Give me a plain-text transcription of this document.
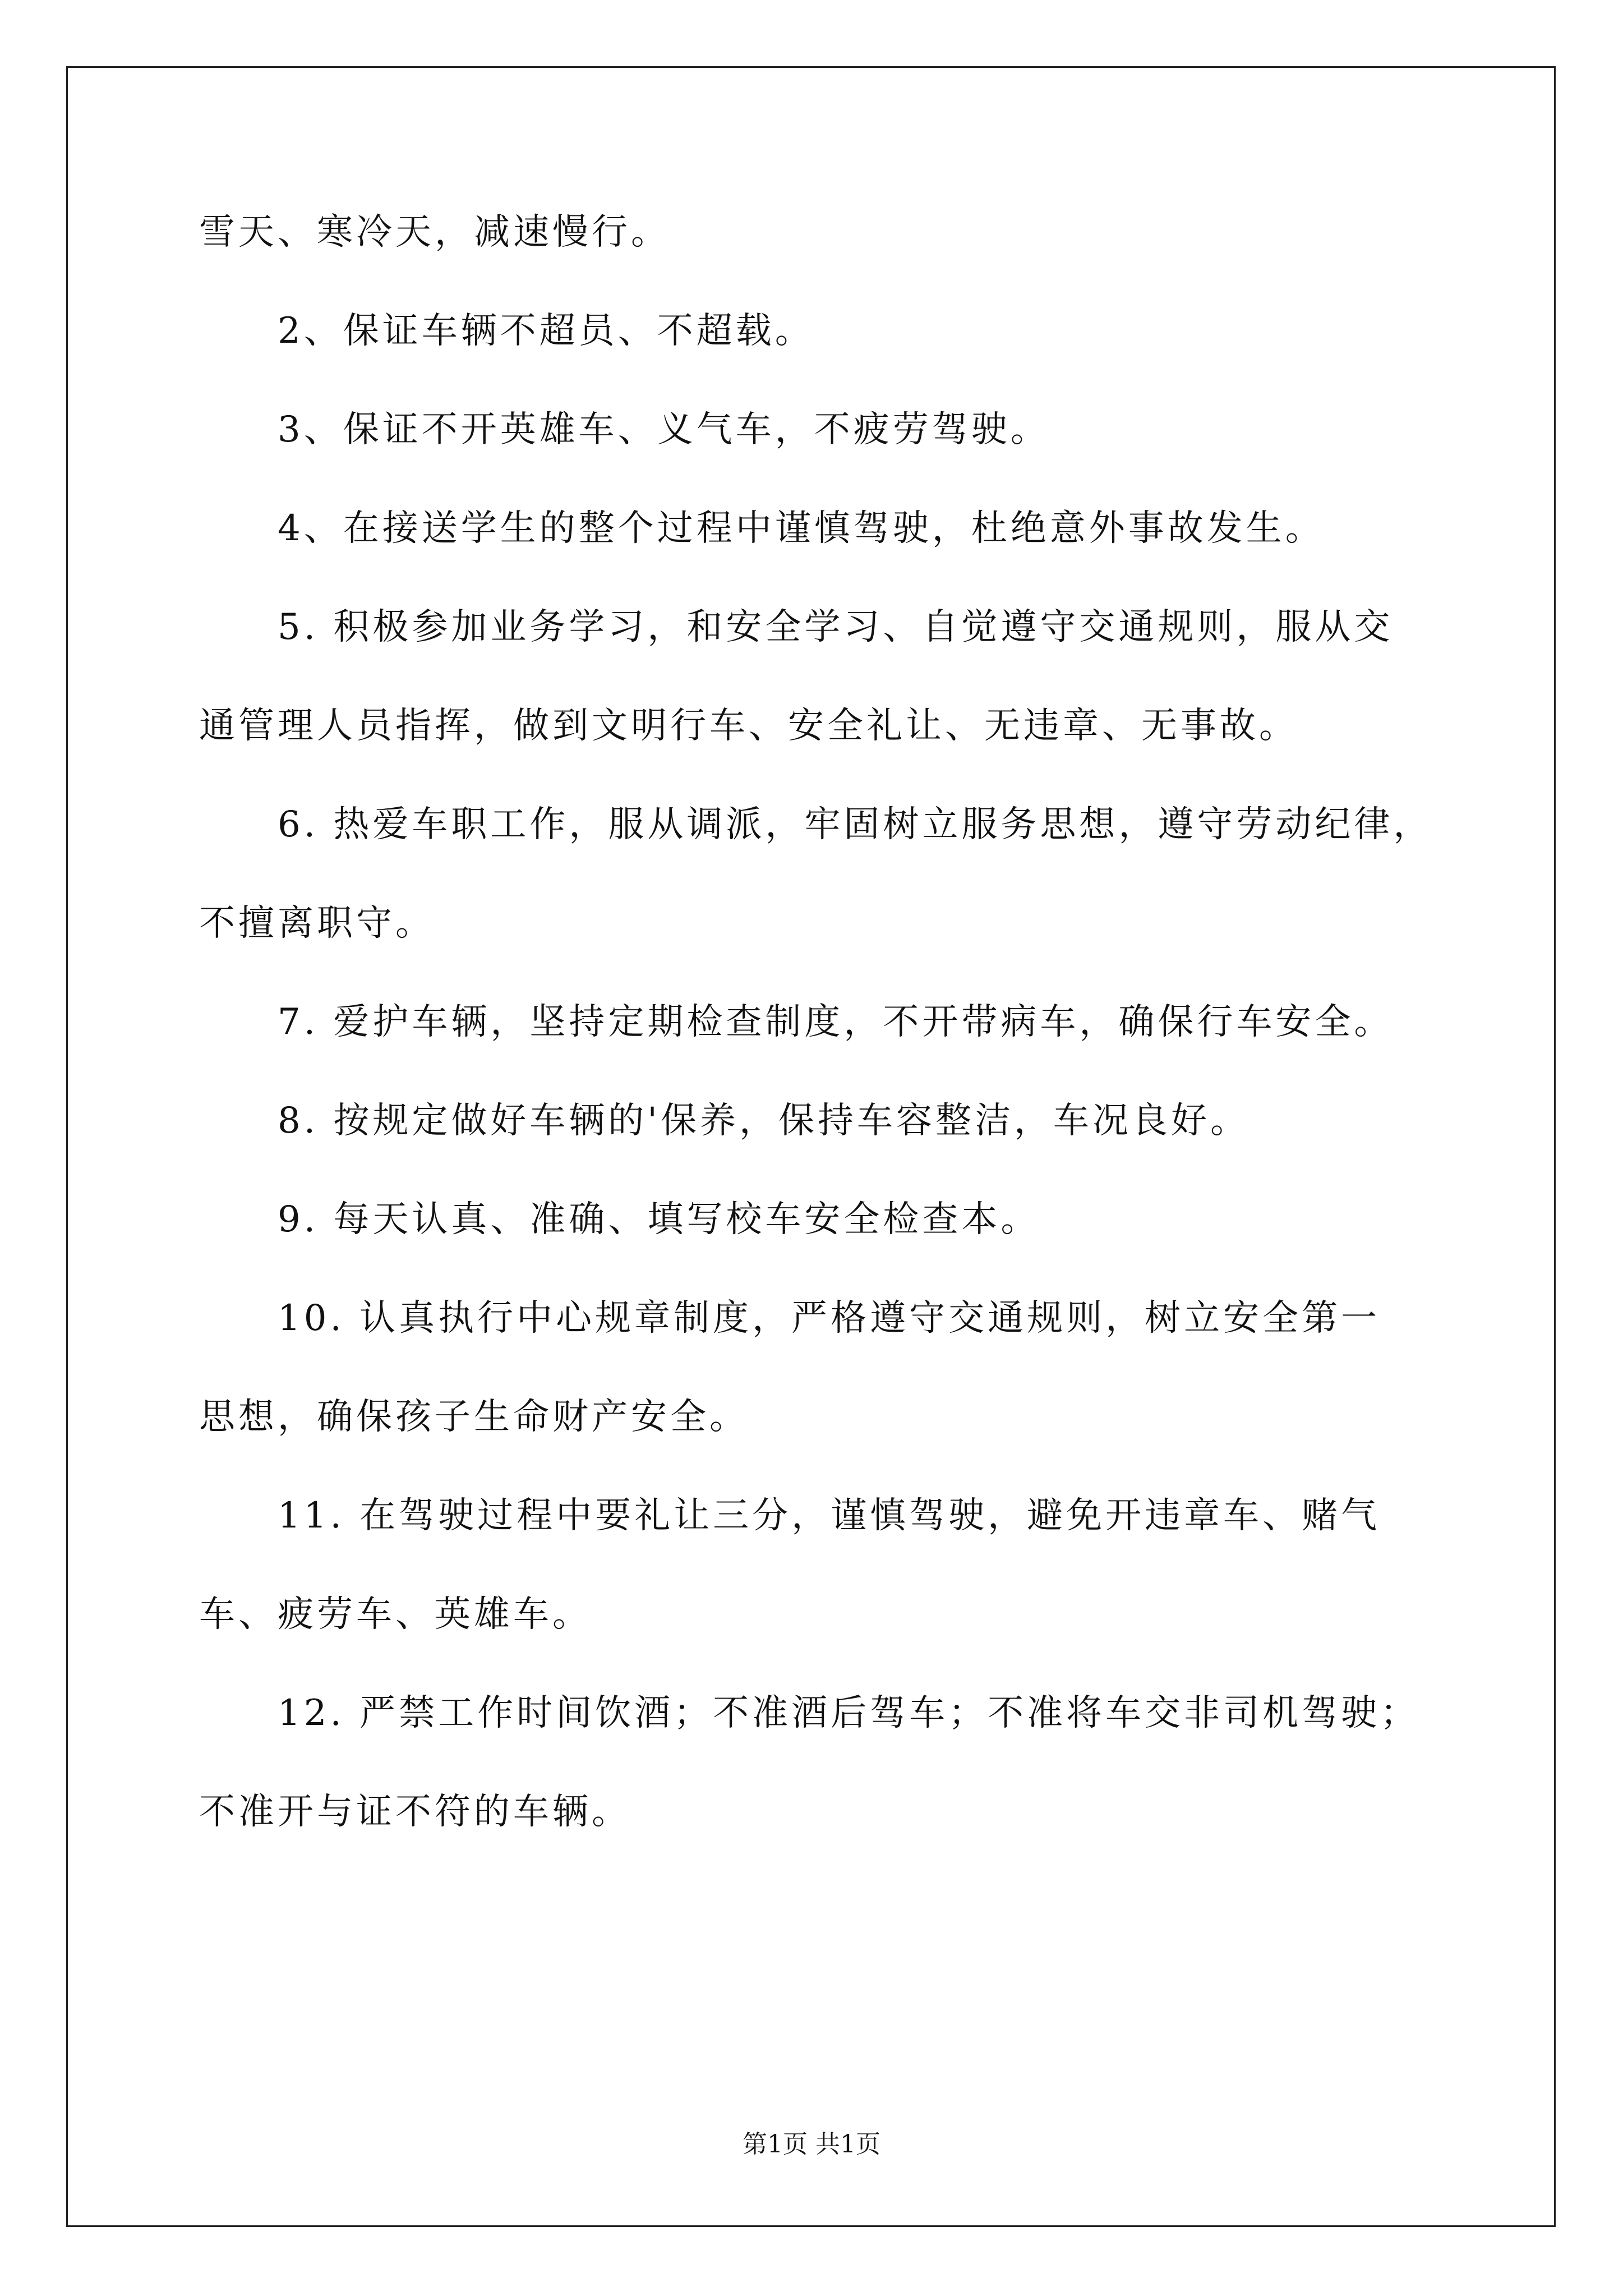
雪天、寒冷天，减速慢行。
2、保证车辆不超员、不超载。
3、保证不开英雄车、义气车，不疲劳驾驶。
4、在接送学生的整个过程中谨慎驾驶，杜绝意外事故发生。
5. 积极参加业务学习，和安全学习、自觉遵守交通规则，服从交
通管理人员指挥，做到文明行车、安全礼让、无违章、无事故。
6. 热爱车职工作，服从调派，牢固树立服务思想，遵守劳动纪律，
不擅离职守。
7. 爱护车辆，坚持定期检查制度，不开带病车，确保行车安全。
8. 按规定做好车辆的'保养，保持车容整洁，车况良好。
9. 每天认真、准确、填写校车安全检查本。
10. 认真执行中心规章制度，严格遵守交通规则，树立安全第一
思想，确保孩子生命财产安全。
11. 在驾驶过程中要礼让三分，谨慎驾驶，避免开违章车、赌气
车、疲劳车、英雄车。
12. 严禁工作时间饮酒；不准酒后驾车；不准将车交非司机驾驶；
不准开与证不符的车辆。
第1页 共1页
